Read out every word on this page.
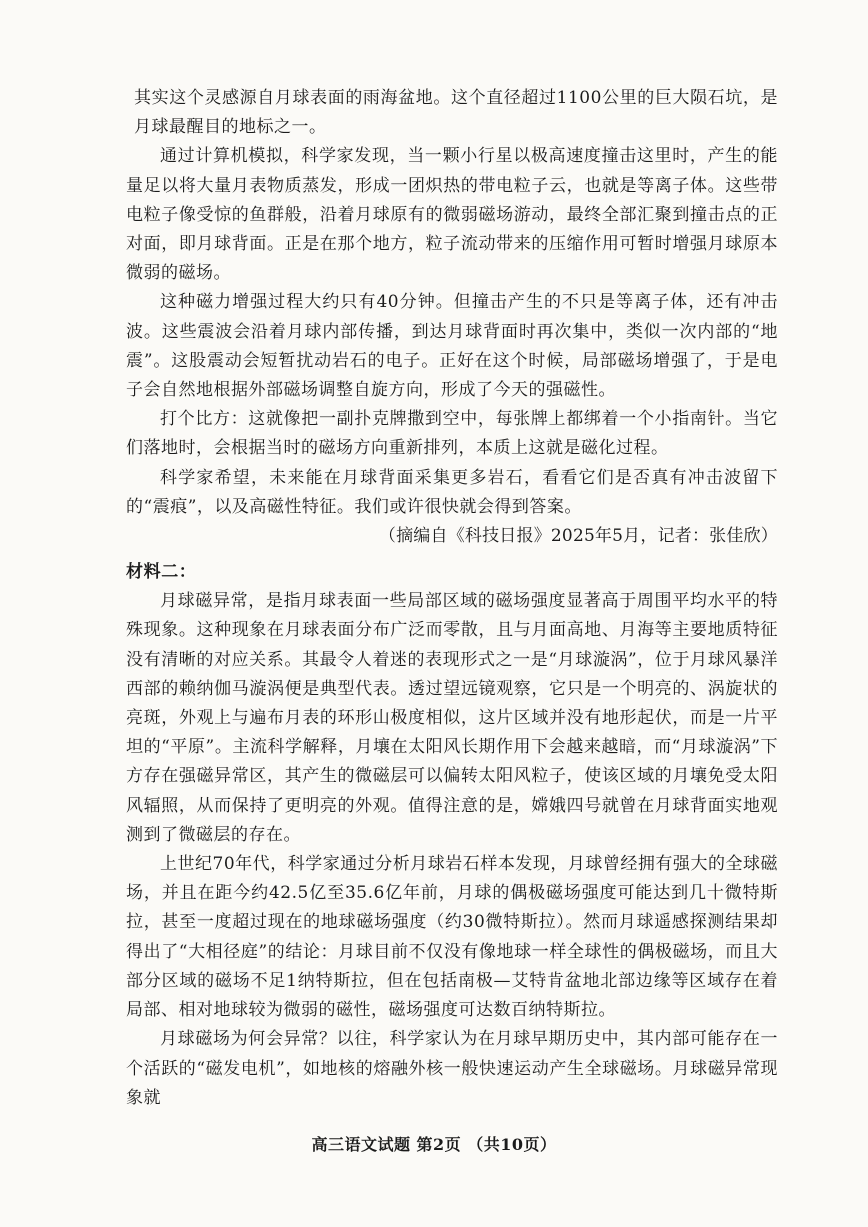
其实这个灵感源自月球表面的雨海盆地。这个直径超过1100公里的巨大陨石坑，是月球最醒目的地标之一。

通过计算机模拟，科学家发现，当一颗小行星以极高速度撞击这里时，产生的能量足以将大量月表物质蒸发，形成一团炽热的带电粒子云，也就是等离子体。这些带电粒子像受惊的鱼群般，沿着月球原有的微弱磁场游动，最终全部汇聚到撞击点的正对面，即月球背面。正是在那个地方，粒子流动带来的压缩作用可暂时增强月球原本微弱的磁场。

这种磁力增强过程大约只有40分钟。但撞击产生的不只是等离子体，还有冲击波。这些震波会沿着月球内部传播，到达月球背面时再次集中，类似一次内部的“地震”。这股震动会短暂扰动岩石的电子。正好在这个时候，局部磁场增强了，于是电子会自然地根据外部磁场调整自旋方向，形成了今天的强磁性。

打个比方：这就像把一副扑克牌撒到空中，每张牌上都绑着一个小指南针。当它们落地时，会根据当时的磁场方向重新排列，本质上这就是磁化过程。

科学家希望，未来能在月球背面采集更多岩石，看看它们是否真有冲击波留下的“震痕”，以及高磁性特征。我们或许很快就会得到答案。

（摘编自《科技日报》2025年5月，记者：张佳欣）

材料二：

月球磁异常，是指月球表面一些局部区域的磁场强度显著高于周围平均水平的特殊现象。这种现象在月球表面分布广泛而零散，且与月面高地、月海等主要地质特征没有清晰的对应关系。其最令人着迷的表现形式之一是“月球漩涡”，位于月球风暴洋西部的赖纳伽马漩涡便是典型代表。透过望远镜观察，它只是一个明亮的、涡旋状的亮斑，外观上与遍布月表的环形山极度相似，这片区域并没有地形起伏，而是一片平坦的“平原”。主流科学解释，月壤在太阳风长期作用下会越来越暗，而“月球漩涡”下方存在强磁异常区，其产生的微磁层可以偏转太阳风粒子，使该区域的月壤免受太阳风辐照，从而保持了更明亮的外观。值得注意的是，嫦娥四号就曾在月球背面实地观测到了微磁层的存在。

上世纪70年代，科学家通过分析月球岩石样本发现，月球曾经拥有强大的全球磁场，并且在距今约42.5亿至35.6亿年前，月球的偶极磁场强度可能达到几十微特斯拉，甚至一度超过现在的地球磁场强度（约30微特斯拉）。然而月球遥感探测结果却得出了“大相径庭”的结论：月球目前不仅没有像地球一样全球性的偶极磁场，而且大部分区域的磁场不足1纳特斯拉，但在包括南极—艾特肯盆地北部边缘等区域存在着局部、相对地球较为微弱的磁性，磁场强度可达数百纳特斯拉。

月球磁场为何会异常？以往，科学家认为在月球早期历史中，其内部可能存在一个活跃的“磁发电机”，如地核的熔融外核一般快速运动产生全球磁场。月球磁异常现象就

高三语文试题 第2页 （共10页）
